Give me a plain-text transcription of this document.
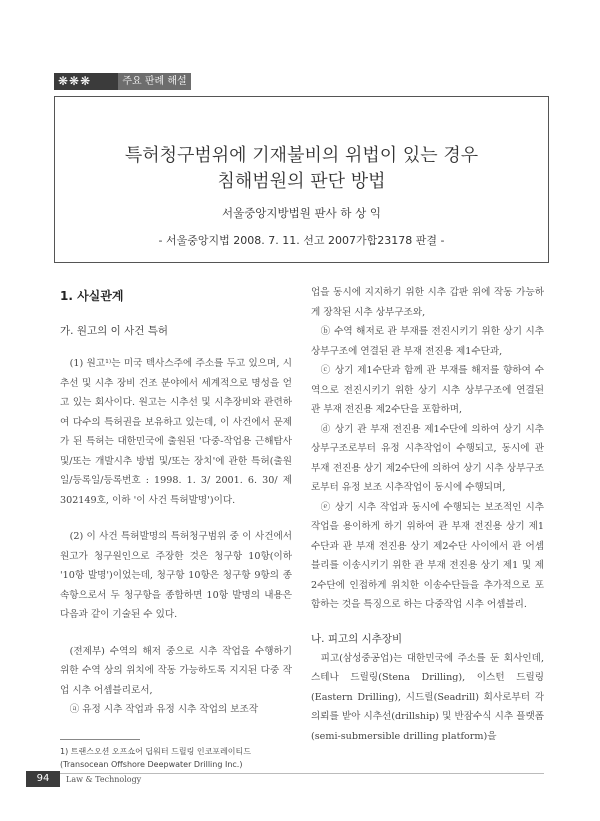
❋❋❋	주요 판례 해설
특허청구범위에 기재불비의 위법이 있는 경우
침해범원의 판단 방법
서울중앙지방법원 판사 하 상 익
- 서울중앙지법 2008. 7. 11. 선고 2007가합23178 판결 -
1. 사실관계
가. 원고의 이 사건 특허

(1) 원고¹⁾는 미국 텍사스주에 주소를 두고 있으며, 시추선 및 시추 장비 건조 분야에서 세계적으로 명성을 얻고 있는 회사이다. 원고는 시추선 및 시추장비와 관련하여 다수의 특허권을 보유하고 있는데, 이 사건에서 문제가 된 특허는 대한민국에 출원된 '다중-작업용 근해탐사 및/또는 개발시추 방법 및/또는 장치'에 관한 특허(출원일/등록일/등록번호 : 1998. 1. 3/ 2001. 6. 30/ 제302149호, 이하 '이 사건 특허발명')이다.

(2) 이 사건 특허발명의 특허청구범위 중 이 사건에서 원고가 청구원인으로 주장한 것은 청구항 10항(이하 '10항 발명')이었는데, 청구항 10항은 청구항 9항의 종속항으로서 두 청구항을 종합하면 10항 발명의 내용은 다음과 같이 기술된 수 있다.

(전제부) 수역의 해저 중으로 시추 작업을 수행하기 위한 수역 상의 위치에 작동 가능하도록 지지된 다중 작업 시추 어셈블리로서,

ⓐ 유정 시추 작업과 유정 시추 작업의 보조작

업을 동시에 지지하기 위한 시추 갑판 위에 작동 가능하게 장착된 시추 상부구조와,

ⓑ 수역 해저로 관 부재를 전진시키기 위한 상기 시추 상부구조에 연결된 관 부재 전진용 제1수단과,

ⓒ 상기 제1수단과 함께 관 부재를 해저를 향하여 수역으로 전진시키기 위한 상기 시추 상부구조에 연결된 관 부재 전진용 제2수단을 포함하며,

ⓓ 상기 관 부재 전진용 제1수단에 의하여 상기 시추 상부구조로부터 유정 시추작업이 수행되고, 동시에 관 부재 전진용 상기 제2수단에 의하여 상기 시추 상부구조로부터 유정 보조 시추작업이 동시에 수행되며,

ⓔ 상기 시추 작업과 동시에 수행되는 보조적인 시추작업을 용이하게 하기 위하여 관 부재 전진용 상기 제1수단과 관 부재 전진용 상기 제2수단 사이에서 관 어셈블리를 이송시키기 위한 관 부재 전진용 상기 제1 및 제2수단에 인접하게 위치한 이송수단들을 추가적으로 포함하는 것을 특징으로 하는 다중작업 시추 어셈블리.

나. 피고의 시추장비

피고(삼성중공업)는 대한민국에 주소를 둔 회사인데, 스테나 드릴링(Stena Drilling), 이스턴 드릴링(Eastern Drilling), 시드릴(Seadrill) 회사로부터 각 의뢰를 받아 시추선(drillship) 및 반잠수식 시추 플랫폼(semi-submersible drilling platform)을

1) 트랜스오션 오프쇼어 딥워터 드릴링 인코포레이티드(Transocean Offshore Deepwater Drilling Inc.)
94	Law & Technology
